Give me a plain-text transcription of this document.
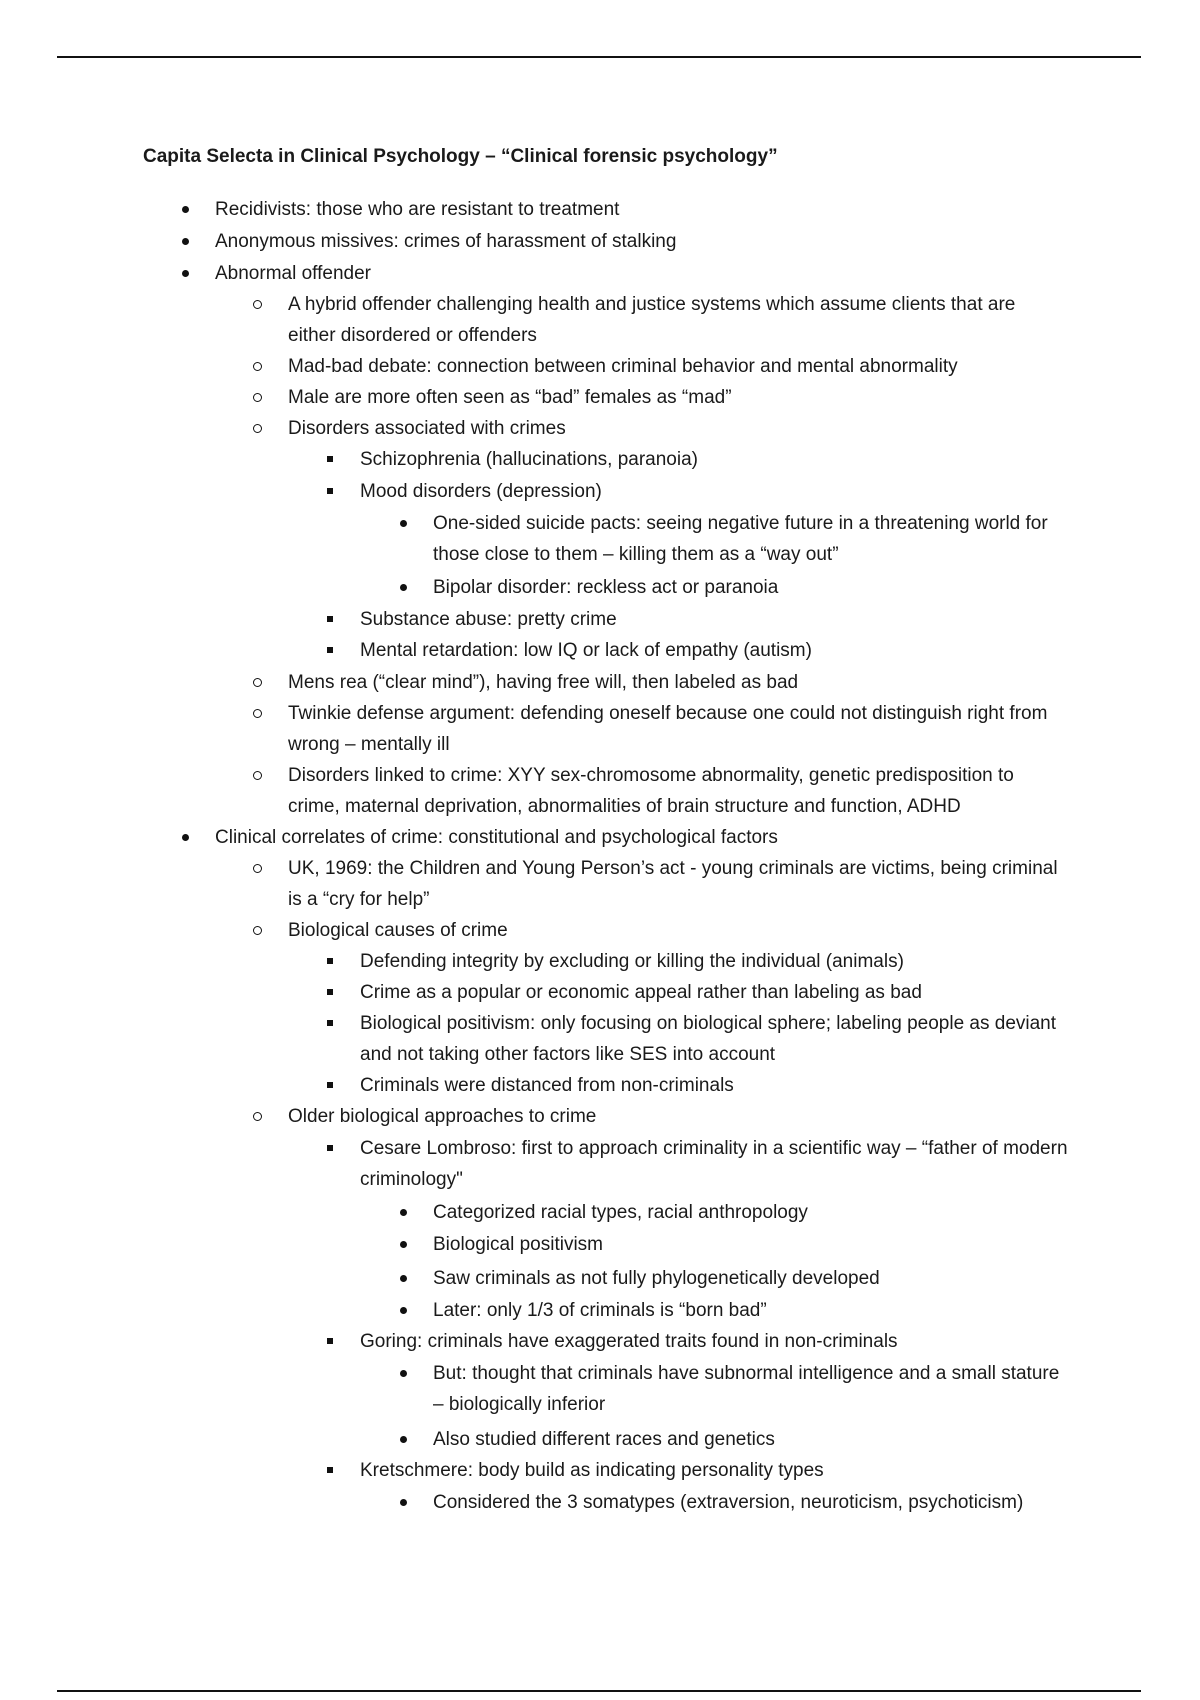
Capita Selecta in Clinical Psychology – “Clinical forensic psychology”
Recidivists: those who are resistant to treatment
Anonymous missives: crimes of harassment of stalking
Abnormal offender
A hybrid offender challenging health and justice systems which assume clients that are either disordered or offenders
Mad-bad debate: connection between criminal behavior and mental abnormality
Male are more often seen as “bad” females as “mad”
Disorders associated with crimes
Schizophrenia (hallucinations, paranoia)
Mood disorders (depression)
One-sided suicide pacts: seeing negative future in a threatening world for those close to them – killing them as a “way out”
Bipolar disorder: reckless act or paranoia
Substance abuse: pretty crime
Mental retardation: low IQ or lack of empathy (autism)
Mens rea (“clear mind”), having free will, then labeled as bad
Twinkie defense argument: defending oneself because one could not distinguish right from wrong – mentally ill
Disorders linked to crime: XYY sex-chromosome abnormality, genetic predisposition to crime, maternal deprivation, abnormalities of brain structure and function, ADHD
Clinical correlates of crime: constitutional and psychological factors
UK, 1969: the Children and Young Person’s act - young criminals are victims, being criminal is a “cry for help”
Biological causes of crime
Defending integrity by excluding or killing the individual (animals)
Crime as a popular or economic appeal rather than labeling as bad
Biological positivism: only focusing on biological sphere; labeling people as deviant and not taking other factors like SES into account
Criminals were distanced from non-criminals
Older biological approaches to crime
Cesare Lombroso: first to approach criminality in a scientific way – “father of modern criminology"
Categorized racial types, racial anthropology
Biological positivism
Saw criminals as not fully phylogenetically developed
Later: only 1/3 of criminals is “born bad”
Goring: criminals have exaggerated traits found in non-criminals
But: thought that criminals have subnormal intelligence and a small stature – biologically inferior
Also studied different races and genetics
Kretschmere: body build as indicating personality types
Considered the 3 somatypes (extraversion, neuroticism, psychoticism)
